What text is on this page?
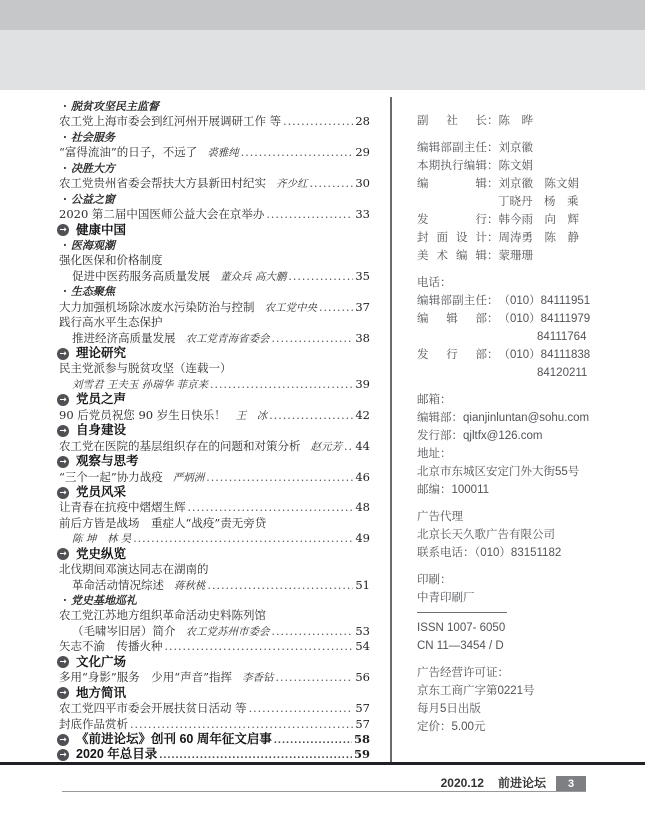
· 脱贫攻坚民主监督
农工党上海市委会到红河州开展调研工作 等 .....	28
· 社会服务
“富得流油”的日子，不远了 裘雅纯 .....	29
· 决胜大方
农工党贵州省委会帮扶大方县新田村纪实 齐少红 .....	30
· 公益之窗
2020 第二届中国医师公益大会在京举办 .....	33
→ 健康中国
· 医海观潮
强化医保和价格制度
促进中医药服务高质量发展 董众兵 高大鹏 .....	35
· 生态聚焦
大力加强机场除冰废水污染防治与控制 农工党中央 .....	37
践行高水平生态保护
推进经济高质量发展 农工党青海省委会 .....	38
→ 理论研究
民主党派参与脱贫攻坚（连载一）
刘雪君 王夫玉 孙瑞华 菲京来 .....	39
→ 党员之声
90 后党员祝您 90 岁生日快乐！ 王　冰 .....	42
→ 自身建设
农工党在医院的基层组织存在的问题和对策分析 赵元芳 ..... 44
→ 观察与思考
“三个一起”协力战疫 严炳洲 .....	46
→ 党员风采
让青春在抗疫中熠熠生辉 .....	48
前后方皆是战场　重症人“战疫”责无旁贷
陈 坤　林 昊 .....	49
→ 党史纵览
北伐期间邓演达同志在湖南的
革命活动情况综述 蒋秋桃 .....	51
· 党史基地巡礼
农工党江苏地方组织革命活动史料陈列馆
（毛啸岑旧居）简介 农工党苏州市委会 .....	53
矢志不渝　传播火种 .....	54
→ 文化广场
多用“身影”服务　少用“声音”指挥 李香钻 .....	56
→ 地方简讯
农工党四平市委会开展扶贫日活动 等 .....	57
封底作品赏析 .....	57
→ 《前进论坛》创刊 60 周年征文启事 .....	58
→ 2020 年总目录 .....	59
副社长 ： 陈　晔
编辑部副主任 ： 刘京徽
本期执行编辑 ： 陈文娟
编辑 ： 刘京徽　陈文娟
丁晓丹　杨　乘
发行 ： 韩今雨　向　辉
封面设计 ： 周涛勇　陈　静
美术编辑 ： 蒙珊珊
电话：
编辑部副主任 ： （010）84111951
编辑部 ： （010）84111979
84111764
发行部 ： （010）84111838
84120211
邮箱：
编辑部：qianjinluntan@sohu.com
发行部：qjltfx@126.com
地址：
北京市东城区安定门外大街55号
邮编：100011
广告代理
北京长天久歌广告有限公司
联系电话：（010）83151182
印刷：
中青印刷厂
ISSN 1007- 6050
CN 11—3454 / D
广告经营许可证：
京东工商广字第0221号
每月5日出版
定价：5.00元
2020.12 前进论坛	3
